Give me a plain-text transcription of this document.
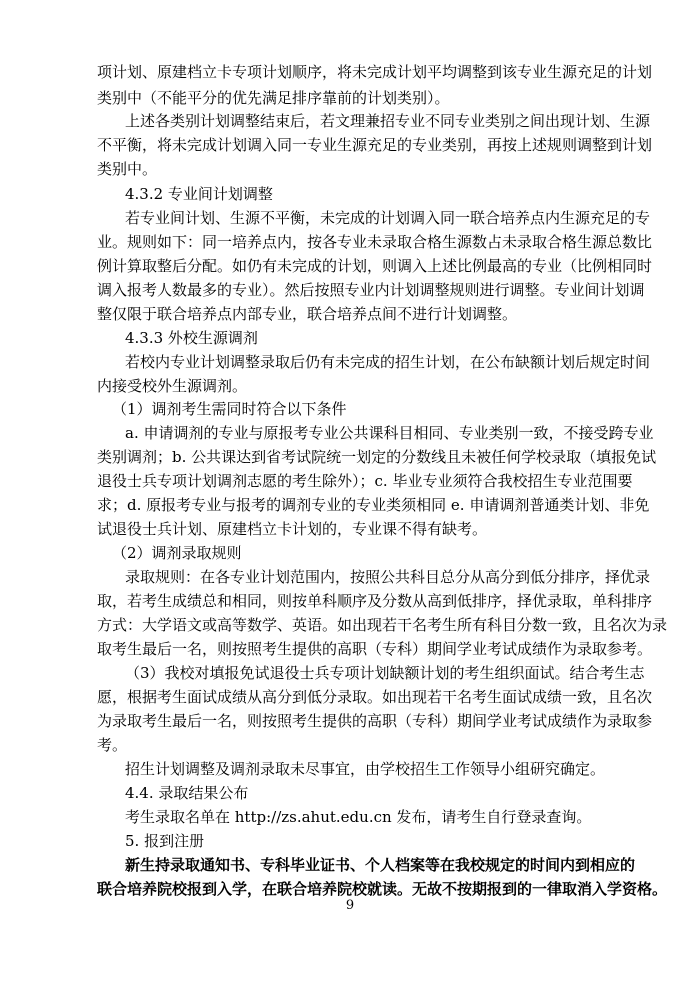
项计划、原建档立卡专项计划顺序，将未完成计划平均调整到该专业生源充足的计划
类别中（不能平分的优先满足排序靠前的计划类别）。
上述各类别计划调整结束后，若文理兼招专业不同专业类别之间出现计划、生源
不平衡，将未完成计划调入同一专业生源充足的专业类别，再按上述规则调整到计划
类别中。
4.3.2 专业间计划调整
若专业间计划、生源不平衡，未完成的计划调入同一联合培养点内生源充足的专
业。规则如下：同一培养点内，按各专业未录取合格生源数占未录取合格生源总数比
例计算取整后分配。如仍有未完成的计划，则调入上述比例最高的专业（比例相同时
调入报考人数最多的专业）。然后按照专业内计划调整规则进行调整。专业间计划调
整仅限于联合培养点内部专业，联合培养点间不进行计划调整。
4.3.3 外校生源调剂
若校内专业计划调整录取后仍有未完成的招生计划，在公布缺额计划后规定时间
内接受校外生源调剂。
（1）调剂考生需同时符合以下条件
a. 申请调剂的专业与原报考专业公共课科目相同、专业类别一致，不接受跨专业
类别调剂；b. 公共课达到省考试院统一划定的分数线且未被任何学校录取（填报免试
退役士兵专项计划调剂志愿的考生除外）；c. 毕业专业须符合我校招生专业范围要
求；d. 原报考专业与报考的调剂专业的专业类须相同 e. 申请调剂普通类计划、非免
试退役士兵计划、原建档立卡计划的，专业课不得有缺考。
（2）调剂录取规则
录取规则：在各专业计划范围内，按照公共科目总分从高分到低分排序，择优录
取，若考生成绩总和相同，则按单科顺序及分数从高到低排序，择优录取，单科排序
方式：大学语文或高等数学、英语。如出现若干名考生所有科目分数一致，且名次为录
取考生最后一名，则按照考生提供的高职（专科）期间学业考试成绩作为录取参考。
（3）我校对填报免试退役士兵专项计划缺额计划的考生组织面试。结合考生志
愿，根据考生面试成绩从高分到低分录取。如出现若干名考生面试成绩一致，且名次
为录取考生最后一名，则按照考生提供的高职（专科）期间学业考试成绩作为录取参
考。
招生计划调整及调剂录取未尽事宜，由学校招生工作领导小组研究确定。
4.4. 录取结果公布
考生录取名单在 http://zs.ahut.edu.cn 发布，请考生自行登录查询。
5. 报到注册
新生持录取通知书、专科毕业证书、个人档案等在我校规定的时间内到相应的
联合培养院校报到入学，在联合培养院校就读。无故不按期报到的一律取消入学资格。
9
